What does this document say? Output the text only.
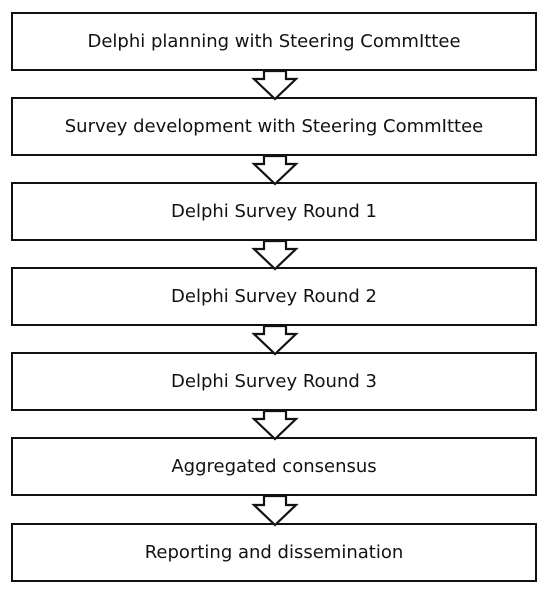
Delphi planning with Steering CommIttee
Survey development with Steering CommIttee
Delphi Survey Round 1
Delphi Survey Round 2
Delphi Survey Round 3
Aggregated consensus
Reporting and dissemination
